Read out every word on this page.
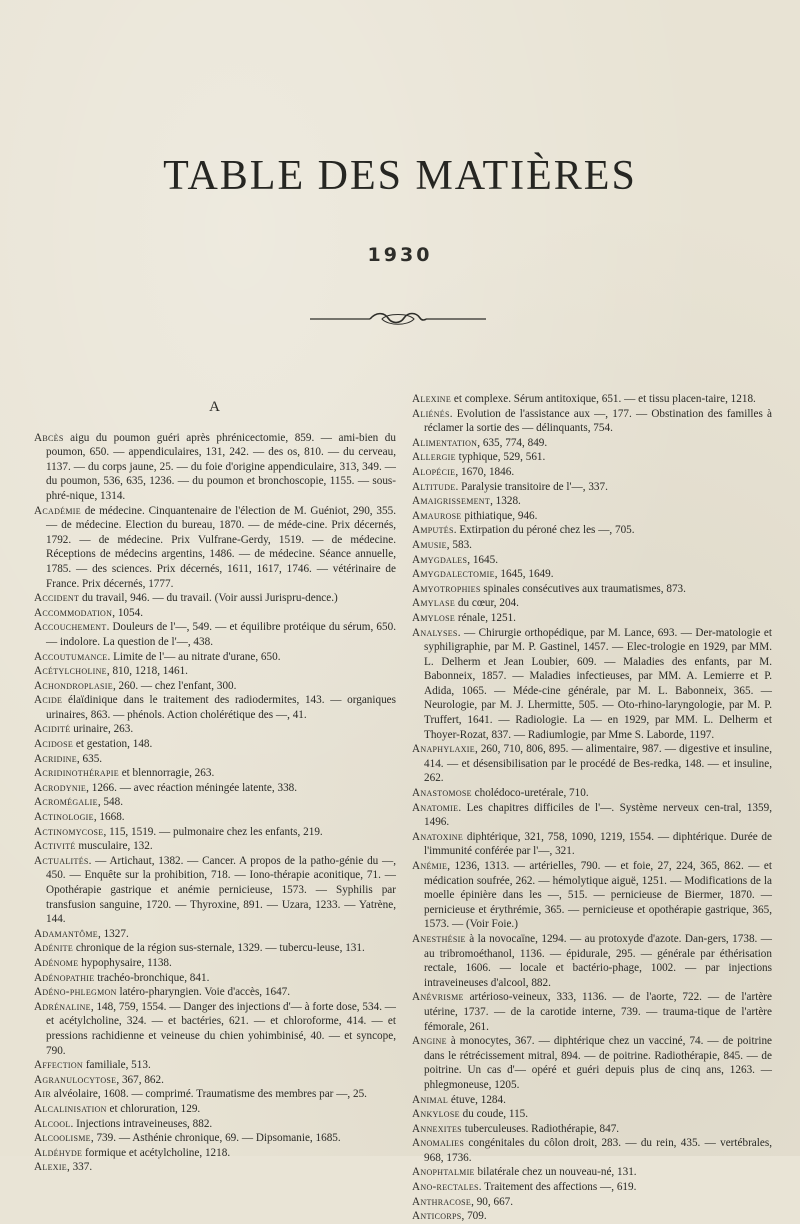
TABLE DES MATIÈRES
1930
A

Abcès aigu du poumon guéri après phrénicectomie, 859. — ami-bien du poumon, 650. — appendiculaires, 131, 242. — des os, 810. — du cerveau, 1137. — du corps jaune, 25. — du foie d'origine appendiculaire, 313, 349. — du poumon, 536, 635, 1236. — du poumon et bronchoscopie, 1155. — sous-phré-nique, 1314.

Académie de médecine. Cinquantenaire de l'élection de M. Guéniot, 290, 355. — de médecine. Election du bureau, 1870. — de méde-cine. Prix décernés, 1792. — de médecine. Prix Vulfrane-Gerdy, 1519. — de médecine. Réceptions de médecins argentins, 1486. — de médecine. Séance annuelle, 1785. — des sciences. Prix décernés, 1611, 1617, 1746. — vétérinaire de France. Prix décernés, 1777.

Accident du travail, 946. — du travail. (Voir aussi Jurispru-dence.)

Accommodation, 1054.

Accouchement. Douleurs de l'—, 549. — et équilibre protéique du sérum, 650. — indolore. La question de l'—, 438.

Accoutumance. Limite de l'— au nitrate d'urane, 650.

Acétylcholine, 810, 1218, 1461.

Achondroplasie, 260. — chez l'enfant, 300.

Acide élaïdinique dans le traitement des radiodermites, 143. — organiques urinaires, 863. — phénols. Action cholérétique des —, 41.

Acidité urinaire, 263.

Acidose et gestation, 148.

Acridine, 635.

Acridinothérapie et blennorragie, 263.

Acrodynie, 1266. — avec réaction méningée latente, 338.

Acromégalie, 548.

Actinologie, 1668.

Actinomycose, 115, 1519. — pulmonaire chez les enfants, 219.

Activité musculaire, 132.

Actualités. — Artichaut, 1382. — Cancer. A propos de la patho-génie du —, 450. — Enquête sur la prohibition, 718. — Iono-thérapie aconitique, 71. — Opothérapie gastrique et anémie pernicieuse, 1573. — Syphilis par transfusion sanguine, 1720. — Thyroxine, 891. — Uzara, 1233. — Yatrène, 144.

Adamantôme, 1327.

Adénite chronique de la région sus-sternale, 1329. — tubercu-leuse, 131.

Adénome hypophysaire, 1138.

Adénopathie trachéo-bronchique, 841.

Adéno-phlegmon latéro-pharyngien. Voie d'accès, 1647.

Adrénaline, 148, 759, 1554. — Danger des injections d'— à forte dose, 534. — et acétylcholine, 324. — et bactéries, 621. — et chloroforme, 414. — et pressions rachidienne et veineuse du chien yohimbinisé, 40. — et syncope, 790.

Affection familiale, 513.

Agranulocytose, 367, 862.

Air alvéolaire, 1608. — comprimé. Traumatisme des membres par —, 25.

Alcalinisation et chloruration, 129.

Alcool. Injections intraveineuses, 882.

Alcoolisme, 739. — Asthénie chronique, 69. — Dipsomanie, 1685.

Aldéhyde formique et acétylcholine, 1218.

Alexie, 337.

Alexine et complexe. Sérum antitoxique, 651. — et tissu placen-taire, 1218.

Aliénés. Evolution de l'assistance aux —, 177. — Obstination des familles à réclamer la sortie des — délinquants, 754.

Alimentation, 635, 774, 849.

Allergie typhique, 529, 561.

Alopécie, 1670, 1846.

Altitude. Paralysie transitoire de l'—, 337.

Amaigrissement, 1328.

Amaurose pithiatique, 946.

Amputés. Extirpation du péroné chez les —, 705.

Amusie, 583.

Amygdales, 1645.

Amygdalectomie, 1645, 1649.

Amyotrophies spinales consécutives aux traumatismes, 873.

Amylase du cœur, 204.

Amylose rénale, 1251.

Analyses. — Chirurgie orthopédique, par M. Lance, 693. — Der-matologie et syphiligraphie, par M. P. Gastinel, 1457. — Elec-trologie en 1929, par MM. L. Delherm et Jean Loubier, 609. — Maladies des enfants, par M. Babonneix, 1857. — Maladies infectieuses, par MM. A. Lemierre et P. Adida, 1065. — Méde-cine générale, par M. L. Babonneix, 365. — Neurologie, par M. J. Lhermitte, 505. — Oto-rhino-laryngologie, par M. P. Truffert, 1641. — Radiologie. La — en 1929, par MM. L. Delherm et Thoyer-Rozat, 837. — Radiumlogie, par Mme S. Laborde, 1197.

Anaphylaxie, 260, 710, 806, 895. — alimentaire, 987. — digestive et insuline, 414. — et désensibilisation par le procédé de Bes-redka, 148. — et insuline, 262.

Anastomose cholédoco-uretérale, 710.

Anatomie. Les chapitres difficiles de l'—. Système nerveux cen-tral, 1359, 1496.

Anatoxine diphtérique, 321, 758, 1090, 1219, 1554. — diphtérique. Durée de l'immunité conférée par l'—, 321.

Anémie, 1236, 1313. — artérielles, 790. — et foie, 27, 224, 365, 862. — et médication soufrée, 262. — hémolytique aiguë, 1251. — Modifications de la moelle épinière dans les —, 515. — pernicieuse de Biermer, 1870. — pernicieuse et érythrémie, 365. — pernicieuse et opothérapie gastrique, 365, 1573. — (Voir Foie.)

Anesthésie à la novocaïne, 1294. — au protoxyde d'azote. Dan-gers, 1738. — au tribromoéthanol, 1136. — épidurale, 295. — générale par éthérisation rectale, 1606. — locale et bactério-phage, 1002. — par injections intraveineuses d'alcool, 882.

Anévrisme artérioso-veineux, 333, 1136. — de l'aorte, 722. — de l'artère utérine, 1737. — de la carotide interne, 739. — trauma-tique de l'artère fémorale, 261.

Angine à monocytes, 367. — diphtérique chez un vacciné, 74. — de poitrine dans le rétrécissement mitral, 894. — de poitrine. Radiothérapie, 845. — de poitrine. Un cas d'— opéré et guéri depuis plus de cinq ans, 1263. — phlegmoneuse, 1205.

Animal étuve, 1284.

Ankylose du coude, 115.

Annexites tuberculeuses. Radiothérapie, 847.

Anomalies congénitales du côlon droit, 283. — du rein, 435. — vertébrales, 968, 1736.

Anophtalmie bilatérale chez un nouveau-né, 131.

Ano-rectales. Traitement des affections —, 619.

Anthracose, 90, 667.

Anticorps, 709.
